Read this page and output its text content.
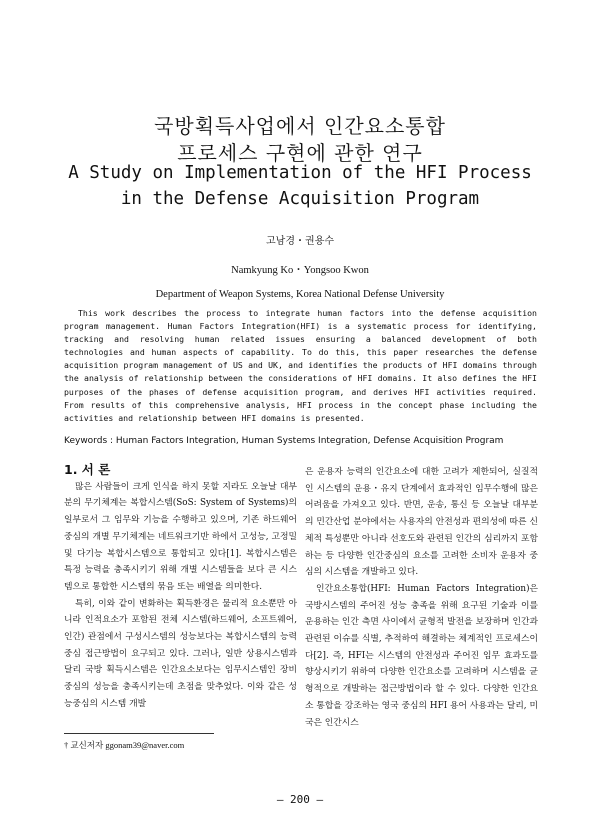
국방획득사업에서 인간요소통합
프로세스 구현에 관한 연구
A Study on Implementation of the HFI Process
in the Defense Acquisition Program
고남경・권용수
Namkyung Ko・Yongsoo Kwon
Department of Weapon Systems, Korea National Defense University

This work describes the process to integrate human factors into the defense acquisition program management. Human Factors Integration(HFI) is a systematic process for identifying, tracking and resolving human related issues ensuring a balanced development of both technologies and human aspects of capability. To do this, this paper researches the defense acquisition program management of US and UK, and identifies the products of HFI domains through the analysis of relationship between the considerations of HFI domains. It also defines the HFI purposes of the phases of defense acquisition program, and derives HFI activities required. From results of this comprehensive analysis, HFI process in the concept phase including the activities and relationship between HFI domains is presented.

Keywords : Human Factors Integration, Human Systems Integration, Defense Acquisition Program

1. 서 론

많은 사람들이 크게 인식을 하지 못할 지라도 오늘날 대부분의 무기체계는 복합시스템(SoS: System of Systems)의 일부로서 그 임무와 기능을 수행하고 있으며, 기존 하드웨어 중심의 개별 무기체계는 네트워크기반 하에서 고성능, 고정밀 및 다기능 복합시스템으로 통합되고 있다[1]. 복합시스템은 특정 능력을 충족시키기 위해 개별 시스템들을 보다 큰 시스템으로 통합한 시스템의 묶음 또는 배열을 의미한다.

특히, 이와 같이 변화하는 획득환경은 물리적 요소뿐만 아니라 인적요소가 포함된 전체 시스템(하드웨어, 소프트웨어, 인간) 관점에서 구성시스템의 성능보다는 복합시스템의 능력중심 접근방법이 요구되고 있다. 그러나, 일반 상용시스템과 달리 국방 획득시스템은 인간요소보다는 임무시스템인 장비중심의 성능을 충족시키는데 초점을 맞추었다. 이와 같은 성능중심의 시스템 개발

은 운용자 능력의 인간요소에 대한 고려가 제한되어, 실질적인 시스템의 운용・유지 단계에서 효과적인 임무수행에 많은 어려움을 가져오고 있다. 반면, 운송, 통신 등 오늘날 대부분의 민간산업 분야에서는 사용자의 안전성과 편의성에 따른 신체적 특성뿐만 아니라 선호도와 관련된 인간의 심리까지 포함하는 등 다양한 인간중심의 요소를 고려한 소비자 운용자 중심의 시스템을 개발하고 있다.

인간요소통합(HFI: Human Factors Integration)은 국방시스템의 주어진 성능 충족을 위해 요구된 기술과 이를 운용하는 인간 측면 사이에서 균형적 발전을 보장하며 인간과 관련된 이슈를 식별, 추적하여 해결하는 체계적인 프로세스이다[2]. 즉, HFI는 시스템의 안전성과 주어진 임무 효과도를 향상시키기 위하여 다양한 인간요소를 고려하며 시스템을 균형적으로 개발하는 접근방법이라 할 수 있다. 다양한 인간요소 통합을 강조하는 영국 중심의 HFI 용어 사용과는 달리, 미국은 인간시스

† 교신저자 ggonam39@naver.com
– 200 –
